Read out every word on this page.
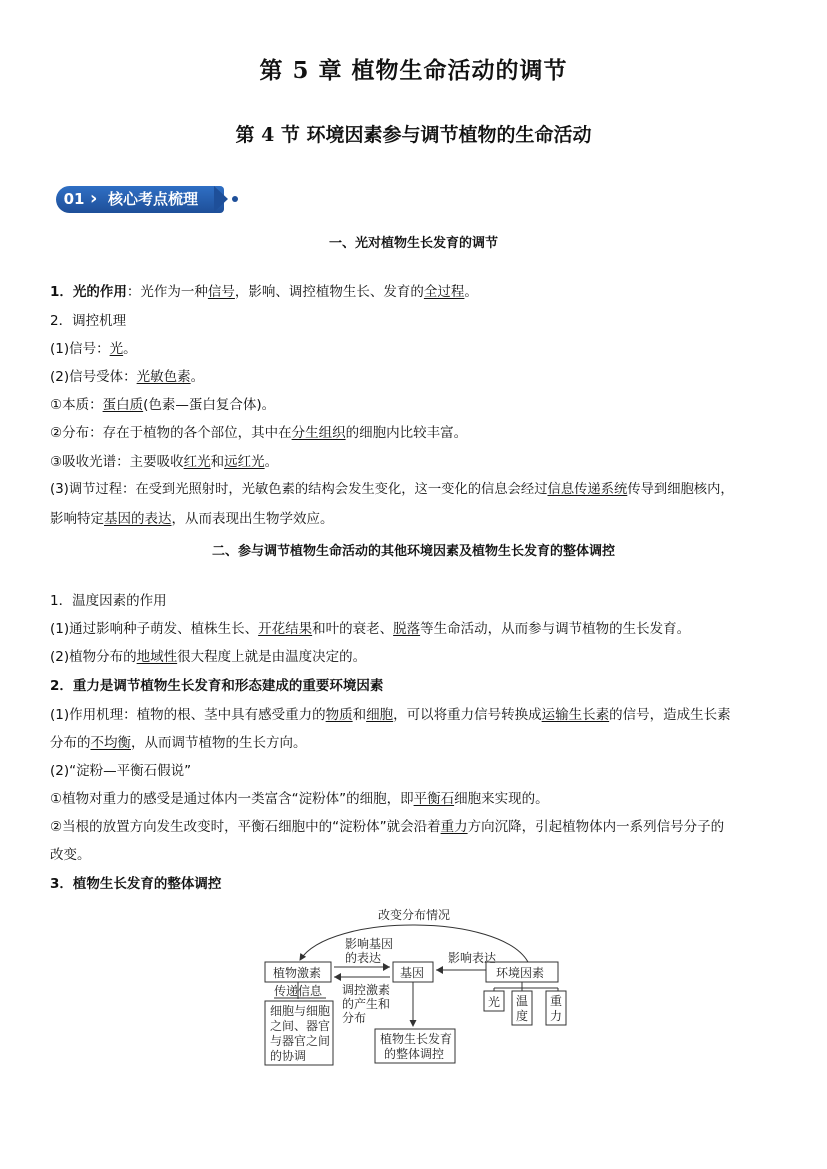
第 5 章 植物生命活动的调节
第 4 节 环境因素参与调节植物的生命活动
01 › 核心考点梳理
一、光对植物生长发育的调节
1．光的作用：光作为一种信号，影响、调控植物生长、发育的全过程。
2．调控机理
(1)信号：光。
(2)信号受体：光敏色素。
①本质：蛋白质(色素—蛋白复合体)。
②分布：存在于植物的各个部位，其中在分生组织的细胞内比较丰富。
③吸收光谱：主要吸收红光和远红光。
(3)调节过程：在受到光照射时，光敏色素的结构会发生变化，这一变化的信息会经过信息传递系统传导到细胞核内，
影响特定基因的表达，从而表现出生物学效应。
二、参与调节植物生命活动的其他环境因素及植物生长发育的整体调控
1．温度因素的作用
(1)通过影响种子萌发、植株生长、开花结果和叶的衰老、脱落等生命活动，从而参与调节植物的生长发育。
(2)植物分布的地域性很大程度上就是由温度决定的。
2．重力是调节植物生长发育和形态建成的重要环境因素
(1)作用机理：植物的根、茎中具有感受重力的物质和细胞，可以将重力信号转换成运输生长素的信号，造成生长素
分布的不均衡，从而调节植物的生长方向。
(2)“淀粉—平衡石假说”
①植物对重力的感受是通过体内一类富含“淀粉体”的细胞，即平衡石细胞来实现的。
②当根的放置方向发生改变时，平衡石细胞中的“淀粉体”就会沿着重力方向沉降，引起植物体内一系列信号分子的
改变。
3．植物生长发育的整体调控
改变分布情况
植物激素	基因	环境因素
影响基因
的表达
调控激素
的产生和
分布
影响表达
传递信息
细胞与细胞
之间、器官
与器官之间
的协调
植物生长发育
的整体调控
光 温
度
重
力
